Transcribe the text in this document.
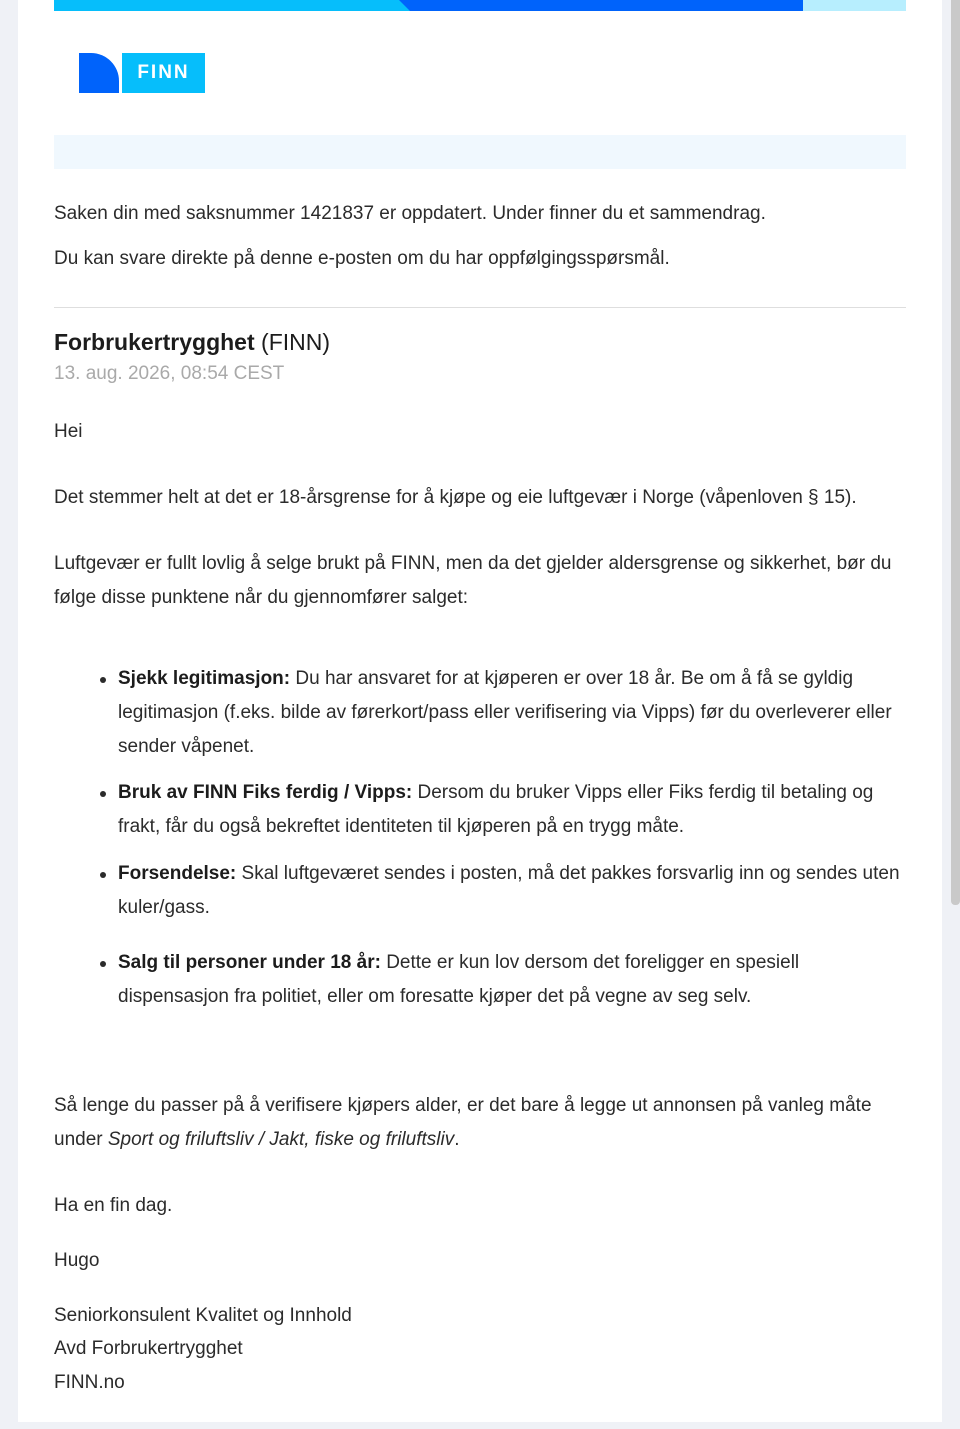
FINN
Saken din med saksnummer 1421837 er oppdatert. Under finner du et sammendrag.
Du kan svare direkte på denne e-posten om du har oppfølgingsspørsmål.
Forbrukertrygghet (FINN)
13. aug. 2026, 08:54 CEST
Hei
Det stemmer helt at det er 18-årsgrense for å kjøpe og eie luftgevær i Norge (våpenloven § 15).
Luftgevær er fullt lovlig å selge brukt på FINN, men da det gjelder aldersgrense og sikkerhet, bør du følge disse punktene når du gjennomfører salget:
Sjekk legitimasjon: Du har ansvaret for at kjøperen er over 18 år. Be om å få se gyldig legitimasjon (f.eks. bilde av førerkort/pass eller verifisering via Vipps) før du overleverer eller sender våpenet.
Bruk av FINN Fiks ferdig / Vipps: Dersom du bruker Vipps eller Fiks ferdig til betaling og frakt, får du også bekreftet identiteten til kjøperen på en trygg måte.
Forsendelse: Skal luftgeværet sendes i posten, må det pakkes forsvarlig inn og sendes uten kuler/gass.
Salg til personer under 18 år: Dette er kun lov dersom det foreligger en spesiell dispensasjon fra politiet, eller om foresatte kjøper det på vegne av seg selv.
Så lenge du passer på å verifisere kjøpers alder, er det bare å legge ut annonsen på vanleg måte under Sport og friluftsliv / Jakt, fiske og friluftsliv.
Ha en fin dag.
Hugo
Seniorkonsulent Kvalitet og Innhold
Avd Forbrukertrygghet
FINN.no
